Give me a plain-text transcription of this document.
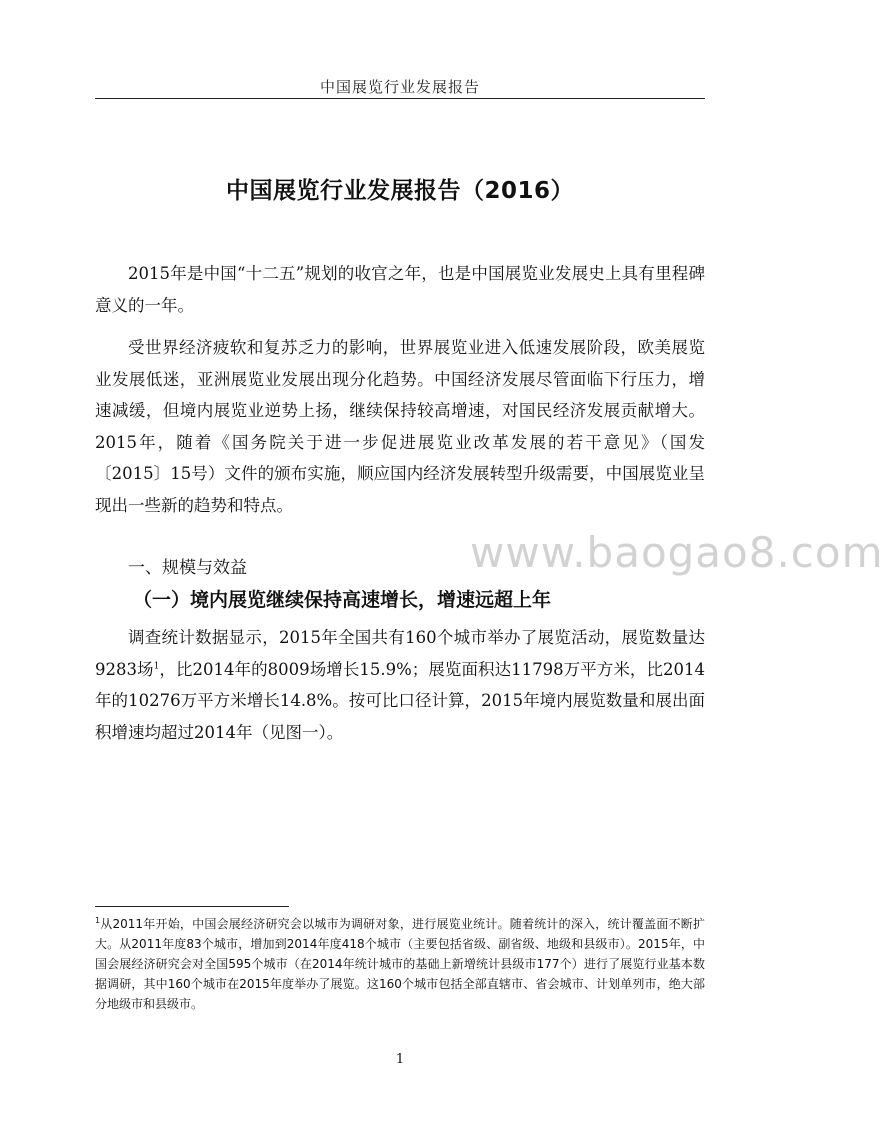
中国展览行业发展报告
中国展览行业发展报告（2016）

2015年是中国“十二五”规划的收官之年，也是中国展览业发展史上具有里程碑意义的一年。

受世界经济疲软和复苏乏力的影响，世界展览业进入低速发展阶段，欧美展览业发展低迷，亚洲展览业发展出现分化趋势。中国经济发展尽管面临下行压力，增速减缓，但境内展览业逆势上扬，继续保持较高增速，对国民经济发展贡献增大。2015年，随着《国务院关于进一步促进展览业改革发展的若干意见》（国发〔2015〕15号）文件的颁布实施，顺应国内经济发展转型升级需要，中国展览业呈现出一些新的趋势和特点。

www.baogao8.com
一、规模与效益
（一）境内展览继续保持高速增长，增速远超上年

调查统计数据显示，2015年全国共有160个城市举办了展览活动，展览数量达9283场$^1$，比2014年的8009场增长15.9%；展览面积达11798万平方米，比2014年的10276万平方米增长14.8%。按可比口径计算，2015年境内展览数量和展出面积增速均超过2014年（见图一）。

$^1$从2011年开始，中国会展经济研究会以城市为调研对象，进行展览业统计。随着统计的深入，统计覆盖面不断扩大。从2011年度83个城市，增加到2014年度418个城市（主要包括省级、副省级、地级和县级市）。2015年，中国会展经济研究会对全国595个城市（在2014年统计城市的基础上新增统计县级市177个）进行了展览行业基本数据调研，其中160个城市在2015年度举办了展览。这160个城市包括全部直辖市、省会城市、计划单列市，绝大部分地级市和县级市。

1
